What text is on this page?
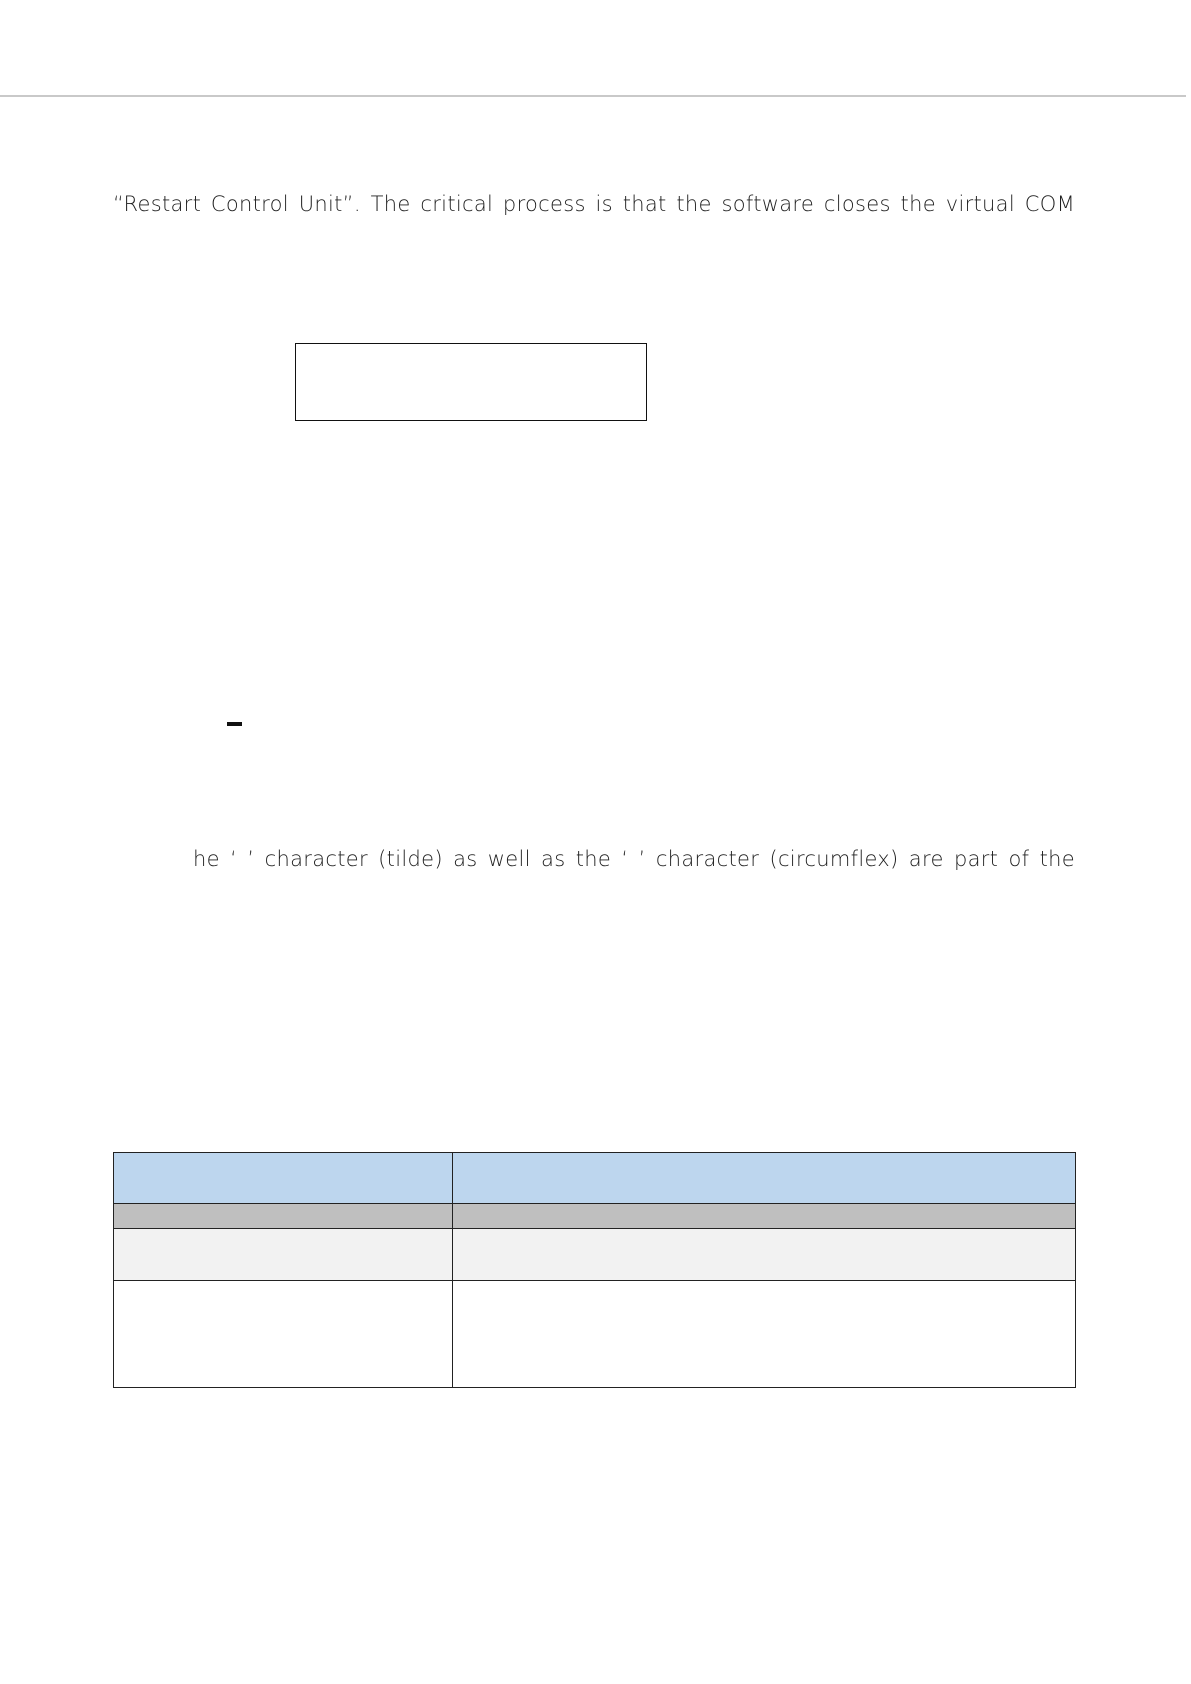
“Restart Control Unit”. The critical process is that the software closes the virtual COM

he ‘ ’ character (tilde) as well as the ‘ ’ character (circumflex) are part of the
